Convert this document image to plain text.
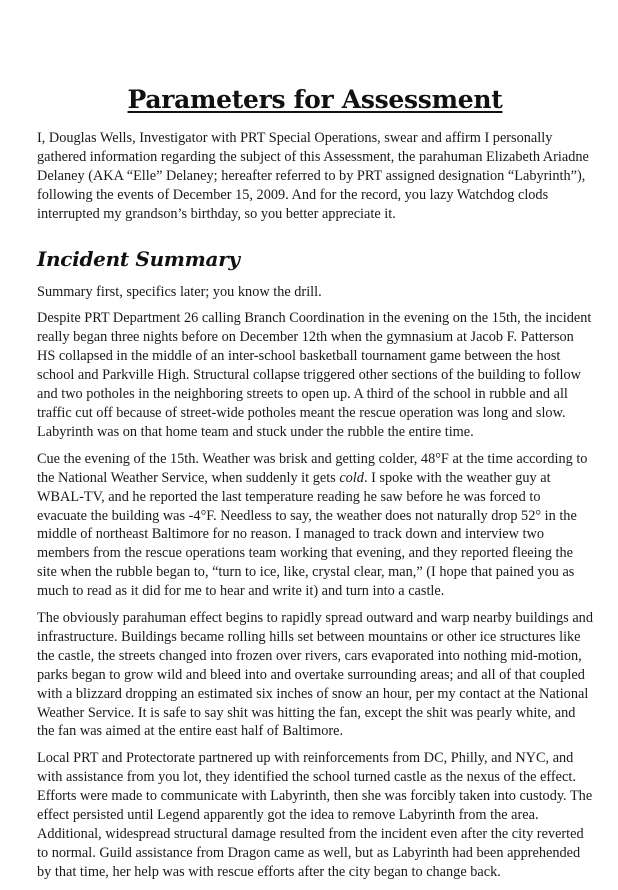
Parameters for Assessment

I, Douglas Wells, Investigator with PRT Special Operations, swear and affirm I personally gathered information regarding the subject of this Assessment, the parahuman Elizabeth Ariadne Delaney (AKA “Elle” Delaney; hereafter referred to by PRT assigned designation “Labyrinth”), following the events of December 15, 2009. And for the record, you lazy Watchdog clods interrupted my grandson’s birthday, so you better appreciate it.

Incident Summary

Summary first, specifics later; you know the drill.

Despite PRT Department 26 calling Branch Coordination in the evening on the 15th, the incident really began three nights before on December 12th when the gymnasium at Jacob F. Patterson HS collapsed in the middle of an inter-school basketball tournament game between the host school and Parkville High. Structural collapse triggered other sections of the building to follow and two potholes in the neighboring streets to open up. A third of the school in rubble and all traffic cut off because of street-wide potholes meant the rescue operation was long and slow. Labyrinth was on that home team and stuck under the rubble the entire time.

Cue the evening of the 15th. Weather was brisk and getting colder, 48°F at the time according to the National Weather Service, when suddenly it gets cold. I spoke with the weather guy at WBAL-TV, and he reported the last temperature reading he saw before he was forced to evacuate the building was -4°F. Needless to say, the weather does not naturally drop 52° in the middle of northeast Baltimore for no reason. I managed to track down and interview two members from the rescue operations team working that evening, and they reported fleeing the site when the rubble began to, “turn to ice, like, crystal clear, man,” (I hope that pained you as much to read as it did for me to hear and write it) and turn into a castle.

The obviously parahuman effect begins to rapidly spread outward and warp nearby buildings and infrastructure. Buildings became rolling hills set between mountains or other ice structures like the castle, the streets changed into frozen over rivers, cars evaporated into nothing mid-motion, parks began to grow wild and bleed into and overtake surrounding areas; and all of that coupled with a blizzard dropping an estimated six inches of snow an hour, per my contact at the National Weather Service. It is safe to say shit was hitting the fan, except the shit was pearly white, and the fan was aimed at the entire east half of Baltimore.

Local PRT and Protectorate partnered up with reinforcements from DC, Philly, and NYC, and with assistance from you lot, they identified the school turned castle as the nexus of the effect. Efforts were made to communicate with Labyrinth, then she was forcibly taken into custody. The effect persisted until Legend apparently got the idea to remove Labyrinth from the area. Additional, widespread structural damage resulted from the incident even after the city reverted to normal. Guild assistance from Dragon came as well, but as Labyrinth had been apprehended by that time, her help was with rescue efforts after the city began to change back.
